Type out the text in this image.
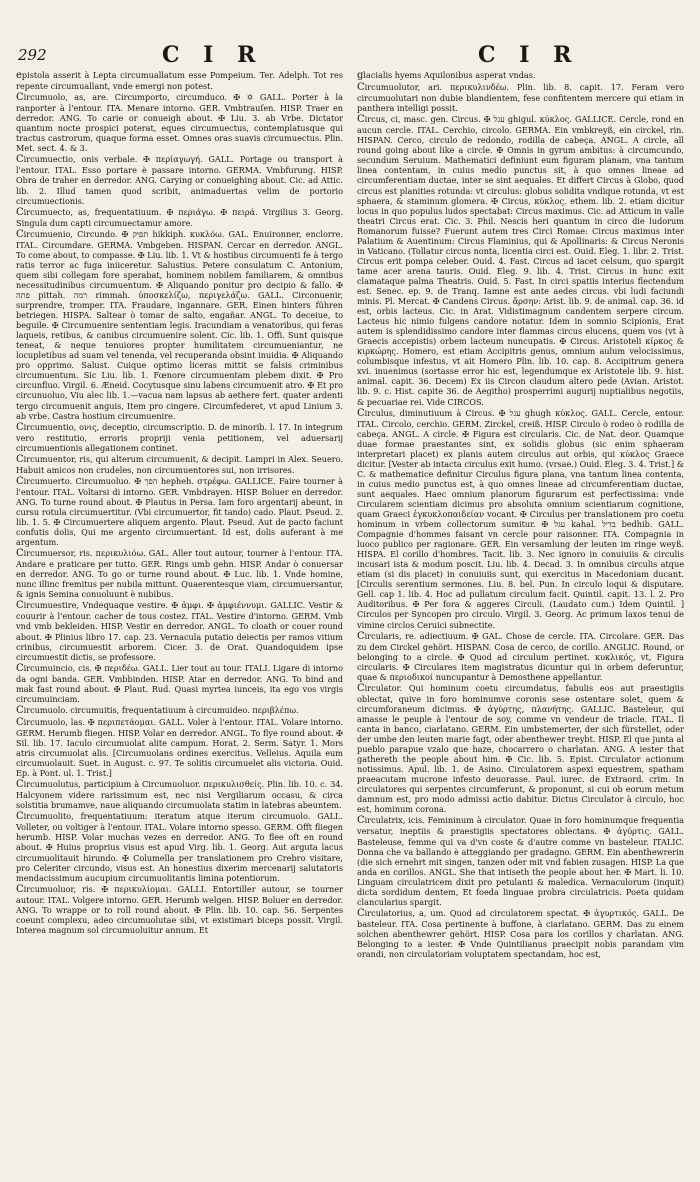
292	C I R	C I R

epistola asserit à Lepta circumuallatum esse Pompeium. Ter. Adelph. Tot res repente circumuallant, vnde emergi non potest.

Circumuolo, as, are. Circumporto, circumduco. ✠ ✡ GALL. Porter à la ranporter à l'entour. ITA. Menare intorno. GER. Vmbtrauſen. HISP. Traer en derredor. ANG. To carie or conueigh about. ✠ Liu. 3. ab Vrbe. Dictator quantum nocte prospici poterat, eques circumuectus, contemplatusque qui tractus castrorum, quaque forma esset. Omnes oras suavis circumuectus. Plin. Met. sect. 4. & 3.

Circumuectio, onis verbale. ✠ περίαγωγή. GALL. Portage ou transport à l'entour. ITAL. Esso portare è passare intorno. GERMA. Vmbfurung. HISP. Obra de traher en derredor. ANG. Carying or conueighing about. Cic. ad Attic. lib. 2. Illud tamen quod scribit, animaduertas velim de portorio circumuectionis.

Circumuecto, as, frequentatiuum. ✠ περιάγω. ✠ πειρά. Virgilius 3. Georg. Singula dum capti circumuectamur amore.

Circumuenio, Circundo. ✠ תפיק hikkiph. κυκλόω. GAL. Enuironner, enclorre. ITAL. Circumdare. GERMA. Vmbgeben. HISPAN. Cercar en derredor. ANGL. To come about, to compasse. ✠ Liu. lib. 1. Vt & hostibus circumuenti fe à tergo ratis terror ac fuga iniiceretur. Salustius. Petere consulatum C. Antonium, quem sibi collegam fore sperabat, hominem nobilem familiarem, & omnibus necessitudinibus circumuentum. ✠ Aliquando ponitur pro decipio & fallo. ✠ פתה pittah. רמה rimmah. ὑποσκελίζω, περιγελάζω. GALL. Circonuenir, surprendre, tromper. ITA. Fraudare, ingannare. GER. Einen hinters führen betriegen. HISPA. Saltear ò tomar de salto, engañar. ANGL. To deceiue, to beguile. ✠ Circumuenire sententiam legis. Iracundiam a venatoribus, qui feras laqueis, retibus, & canibus circumuenire solent. Cic. lib. 1. Offi. Sunt quisque teneat, & neque tenuiores propter humilitatem circumueniantur, ne locupletibus ad suam vel tenenda, vel recuperanda obsint inuidia. ✠ Aliquando pro opprimo. Salust. Cuique optimo liceras mittit se falsis criminibus circumuentum. Sic Liu. lib. 1. Fœnore circumuentam plebem dixit. ✠ Pro circunfluo. Virgil. 6. Æneid. Cocytusque sinu labens circumuenit atro. ✠ Et pro circunuoluo, Viu alec lib. 1.—vacua nam lapsus ab aethere fert. quater ardenti tergo circumuenit anguis, Item pro cingere. Circumfederet, vt apud Linium 3. ab vrbe. Castra hostium circumuenire.

Circumuentio, ονις, deceptio, circumscriptio. D. de minorib. l. 17. In integrum vero restitutio, erroris propriji venia petitionem, vel aduersarij circumuentionis allegationem continet.

Circumuentor, ris, qui alterum circumuenit, & decipit. Lampri in Alex. Seuero. Habuit amicos non crudeles, non circumuentores sui, non irrisores.

Circumuerto. Circumuoluo. ✠ הפך hepheh. στρέφω. GALLICE. Faire tourner à l'entour. ITAL. Voltarsi di intorno. GER. Vmbdrayen. HISP. Boluer en derredor. ANG. To turne round about. ✠ Plautus in Persa. Iam foro argentarij abeunt, in cursu rotula circumuertitur. (Vbi circumuertor, fit tando) cado. Plaut. Pseud. 2. lib. 1. 5. ✠ Circumuertere aliquem argento. Plaut. Pseud. Aut de pacto faciunt confutis dolis, Qui me argento circumuertant. Id est, dolis auferant à me argentum.

Circumuersor, ris. περικυλιόω. GAL. Aller tout autour, tourner à l'entour. ITA. Andare e praticare per tutto. GER. Rings umb gehn. HISP. Andar ò conuersar en derredor. ANG. To go or turne round about. ✠ Luc. lib. 1. Vnde homine, nunc illinc fremitus per nubila mittunt. Quaerentesque viam, circumuersantur, & ignis Semina conuoluunt è nubibus.

Circumuestire, Vndequaque vestire. ✠ ἀμφι. ✠ ἀμφιέννυμι. GALLIC. Vestir & couurir à l'entour. cacher de tous costez. ITAL. Vestire d'intorno. GERM. Vmb vnd vmb bekleiden. HISP. Vestir en derredor. ANGL. To cloath or couer round about. ✠ Plinius libro 17. cap. 23. Vernacula putatio deiectis per ramos vitium crinibus, circumuestit arborem. Cicer. 3. de Orat. Quandoquidem ipse circumuestit dictis, se professore.

Circumuincio, cis. ✠ περιδέω. GALL. Lier tout au tour. ITALI. Ligare di intorno da ogni banda. GER. Vmbbinden. HISP. Atar en derredor. ANG. To bind and mak fast round about. ✠ Plaut. Rud. Quasi myrtea iunceis, ita ego vos virgis circumuinciam.

Circumuolo. circumuitis, frequentatiuum à circumuideo. περιβλέπω.

Circumuolo, las. ✠ περιπετάομαι. GALL. Voler à l'entour. ITAL. Volare intorno. GERM. Herumb fliegen. HISP. Volar en derredor. ANGL. To flye round about. ✠ Sil. lib. 17. Iaculo circumuolat alite campum. Horat. 2. Serm. Satyr. 1. Mors atris circumuolat alis. [Circumuolans ordines exercitus. Velleius. Aquila eum circumuolauit. Suet. in August. c. 97. Te solitis circumuelet alis victoria. Ouid. Ep. à Pont. ul. 1. Trist.]

Circumuolutus, participium à Circumuoluor. περικυλισθείς. Plin. lib. 10. c. 34. Halcyonem videre rarissimum est, nec nisi Vergiliarum occasu, & circa solstitia brumamve, naue aliquando circumuolata statim in latebras abeuntem.

Circumuolito, frequentatiuum: iteratum atque iterum circumuolo. GALL. Volleter, ou voltiger à l'entour. ITAL. Volare intorno spesso. GERM. Offt fliegen herumb. HISP. Volar muchas vezes en derredor. ANG. To flee oft en round about. ✠ Huius proprius visus est apud Virg. lib. 1. Georg. Aut arguta lacus circumuolitauit hirundo. ✠ Columella per translationem pro Crebro visitare, pro Celeriter circundo, visus est. An honestius dixerim mercenarij salutatoris mendacissimum aucupium circumuolitantis limina potentiorum.

Circumuoluor, ris. ✠ περικυλίομαι. GALLI. Entortiller autour, se tourner autour. ITAL. Volgere intorno. GER. Herumb welgen. HISP. Boluer en derredor. ANG. To wrappe or to roll round about. ✠ Plin. lib. 10. cap. 56. Serpentes coeunt complexu, adeo circumuolutae sibi, vt existimari biceps possit. Virgil. Interea magnum sol circumuoluitur annum. Et

glacialis hyems Aquilonibus asperat vndas.

Circumuolutor, ari. περικυλινδέω. Plin. lib. 8. capit. 17. Feram vero circumuolutari non dubie blandientem, fese confitentem mercere qui etiam in panthera intelligi possit.

Circus, ci, masc. gen. Circus. ✠ עגל ghigul. κύκλος. GALLICE. Cercle, rond en aucun cercle. ITAL. Cerchio, circolo. GERMA. Ein vmbkreyß, ein circkel, rin. HISPAN. Cerco, circulo de redondo, rodilla de cabeça. ANGL. A circle, all round going about like a circle. ✠ Omnis in gyrum ambitus: à circumcundo, secundum Seruium. Mathematici definiunt eum figuram planam, vna tantum linea contentam, in cuius medio punctus sit, à quo omnes lineae ad circumferentiam ductae, inter se sint aequales. Et differt Circus à Globo, quod circus est planities rotunda: vt circulus: globus solidita vndique rotunda, vt est sphaera, & staminum glomera. ✠ Circus, κύκλος. ethem. lib. 2. etiam dicitur locus in quo populus ludos spectabat: Circus maximus. Cic. ad Atticum in valle theatri Circus erat. Cic. 3. Phil. Nescis heri quantum in circo die ludorum Romanorum fuisse? Fuerunt autem tres Circi Romae: Circus maximus inter Palatium & Auentinum: Circus Flaminius, qui & Apollinaris: & Circus Neronis in Vaticano. (Tollatur circus nonta, licentia circi est. Ouid. Eleg. 1. libr. 2. Trist. Circus erit pompa celeber. Ouid. 4. Fast. Circus ad iacet celsum, quo spargit tame acer arena tauris. Ouid. Eleg. 9. lib. 4. Trist. Circus in hunc exit clamataque palma Theatris. Ouid. 5. Fast. In circi spatiis interius flectendum est. Senec. ep. 9. de Tranq. Iamne est ante aedes circus. vbi ludi faciundi minis. Pl. Mercat. ✠ Candens Circus. ἄρσην: Arist. lib. 9. de animal. cap. 36. id est, orbis lacteus. Cic. in Arat. Vidistimagnum candentem serpere circum. Lacteus hic nimio fulgens candore notatur. Idem in somnio Scipionis, Erat autem is splendidissimo candore inter flammas circus elucens, quem vos (vt à Graecis accepistis) orbem lacteum nuncupatis. ✠ Circus. Aristoteli κίρκος & κιρκώρης. Homero, est etiam Accipitris genus, omnium aulum velocissimus, columbisque infestus, vt ait Homero Plin. lib. 10. cap. 8. Accipitrum genera xvi. inuenimus (sortasse error hic est, legendumque ex Aristotele lib. 9. hist. animal. capit. 36. Decem) Ex iis Circon claudum altero pede (Avian. Aristot. lib. 9. c. Hist. capite 36. de Aegitho) prosperrimi augurij nuptialibus negotiis, & pecuariae rei. Vide CIRCOS.

Circulus, diminutiuum à Circus. ✠ עגל ghugh κύκλος. GALL. Cercle, entour. ITAL. Circolo, cerchio. GERM. Zirckel, creiß. HISP. Circulo ò rodeo ò rodilla de cabeça. ANGL. A circle. ✠ Figura est circularis. Cic. de Nat. deor. Quamque duae formae praestantes sint, ex solidis globus (sic enim sphaeram interpretari placet) ex planis autem circulus aut orbis, qui κύκλος Graece dicitur. [Vester ab intacta circulus exit humo. (vrsae.) Ouid. Eleg. 3. 4. Trist.] & C. & mathematice definitur Circulus figura plana, vna tantum linea contenta, in cuius medio punctus est, à quo omnes lineae ad circumferentiam ductae, sunt aequales. Haec omnium planorum figurarum est perfectissima: vnde Circularem scientiam dicimus pro absoluta omnium scientiarum cognitione, quam Graeci ἐγκυκλοπαιδείαν vocant. ✠ Circulus per translationem pro coetu hominum in vrbem collectorum sumitur. ✠ עגל kahal. בדיל bedhib. GALL. Compagnie d'hommes faisant vn cercle pour raisonner. ITA. Compagnia in luoco publico per ragionare. GER. Ein versamlung der leuten im ringe weyß. HISPA. El corillo d'hombres. Tacit. lib. 3. Nec ignoro in conuiuiis & circulis incusari ista & modum poscit. Liu. lib. 4. Decad. 3. In omnibus circulis atque etiam (si dis placet) in conuiuiis sunt, qui exercitus in Macedoniam ducant. [Circulis serentium sermones. Liu. 8. bel. Pun. In circulo loqui & disputare. Gell. cap 1. lib. 4. Hoc ad pullatum circulum facit. Quintil. capit. 13. l. 2. Pro Auditoribus. ✠ Per fora & aggeres Circuli. (Laudato cum.) Idem Quintil. ] Circulos per Syncopen pro circulo. Virgil. 3. Georg. Ac primum laxos tenui de vimine circlos Ceruici subnectite.

Circularis, re. adiectiuum. ✠ GAL. Chose de cercle. ITA. Circolare. GER. Das zu dem Circkel gehört. HISPAN. Cosa de cerco, de corillo. ANGLIC. Round, or belonging to a circle. ✠ Quod ad circulum pertinet. κυκλικός, vt, Figura circularis. ✠ Circulares item magistratus dicuntur qui in orbem deferuntur, quae & περιοδικοί nuncupantur à Demosthene appellantur.

Circulator. Qui hominum coetu circumdatus, fabulis eos aut praestigiis oblectat, quive in foro hominumve coronis sese ostentare solet, quem & circumforaneum dicimus. ✠ ἀγύρτης, πλανήτης. GALLIC. Basteleur, qui amasse le peuple à l'entour de soy, comme vn vendeur de triacle. ITAL. Il canta in banco, ciarlatano. GERM. Ein umbstemerter, der sich fürstellet, oder der umbe den leuten marie fagt, oder abenthewer treybt. HISP. El que junta al pueblo parapue vzalo que haze, chocarrero o charlatan. ANG. A iester that gathereth the people about him. ✠ Cic. lib. 5. Epist. Circulator actionum notissimus. Apul. lib. 1. de Asino. Circulatorem aspexi equestrem, spatham praeacutam mucrone infesto deuorasse. Paul. iurec. de Extraord. crim. In circulatores qui serpentes circumferunt, & proponunt, si cui ob eorum metum damnum est, pro modo admissi actio dabitur. Dictus Circulator à circulo, hoc est, hominum corona.

Circulatrix, icis. Femininum à circulator. Quae in foro hominumque frequentia versatur, ineptiis & praestigiis spectatores oblectans. ✠ ἀγύρτις. GALL. Basteleuse, femme qui va d'vn coste & d'autre comme vn basteleur. ITALIC. Donna che va ballando è atteggiando per gradagno. GERM. Ein abenthewrerin (die sich ernehrt mit singen, tanzen oder mit vnd fabien zusagen. HISP. La que anda en corillos. ANGL. She that intiseth the people about her. ✠ Mart. li. 10. Linguam circulatricem dixit pro petulanti & maledica. Vernaculorum (inquit) dicta sordidum dentem, Et foeda linguae probra circulatricis. Poeta quidam clancularius spargit.

Circulatorius, a, um. Quod ad circulatorem spectat. ✠ ἀγυρτικός. GALL. De basteleur. ITA. Cosa pertinente à buffone, à ciarlatano. GERM. Das zu einem solchen abenthewrer gehört. HISP. Cosa para los corillos y charlatan. ANG. Belonging to a iester. ✠ Vnde Quintilianus praecipit nobis parandam vim orandi, non circulatoriam voluptatem spectandam, hoc est,
